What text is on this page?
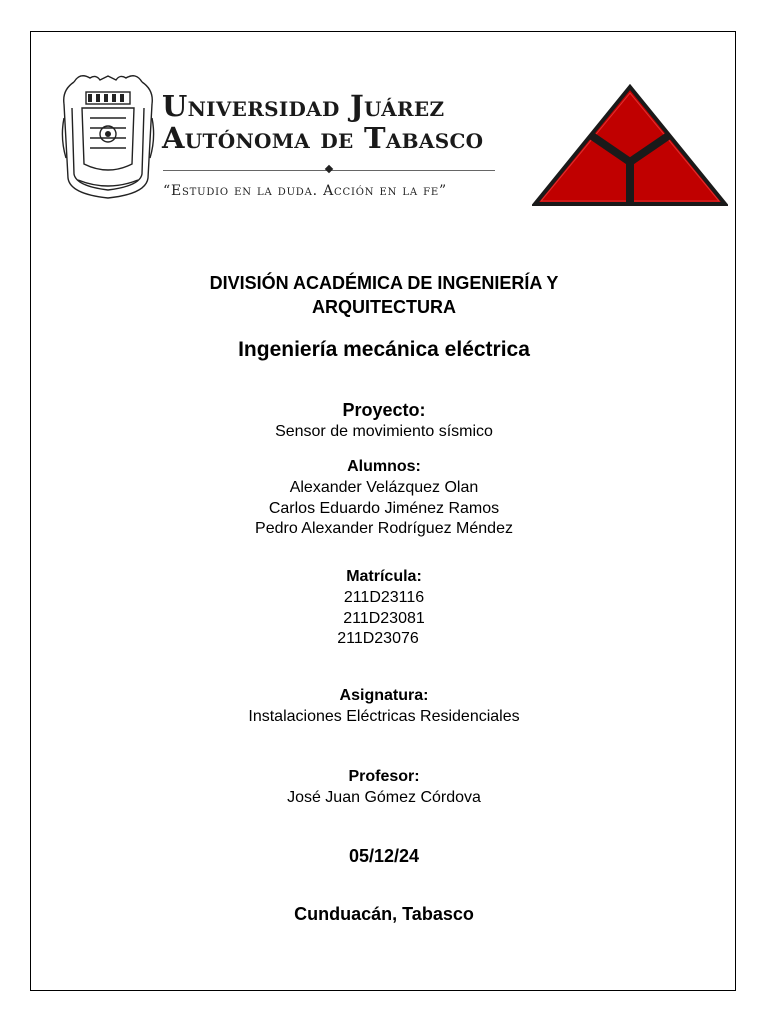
Universidad Juárez
Autónoma de Tabasco

“Estudio en la duda. Acción en la fe”

DIVISIÓN ACADÉMICA DE INGENIERÍA Y ARQUITECTURA
Ingeniería mecánica eléctrica
Proyecto:
Sensor de movimiento sísmico
Alumnos:
Alexander Velázquez Olan
Carlos Eduardo Jiménez Ramos
Pedro Alexander Rodríguez Méndez
Matrícula:
211D23116
211D23081
211D23076
Asignatura:
Instalaciones Eléctricas Residenciales
Profesor:
José Juan Gómez Córdova
05/12/24
Cunduacán, Tabasco
